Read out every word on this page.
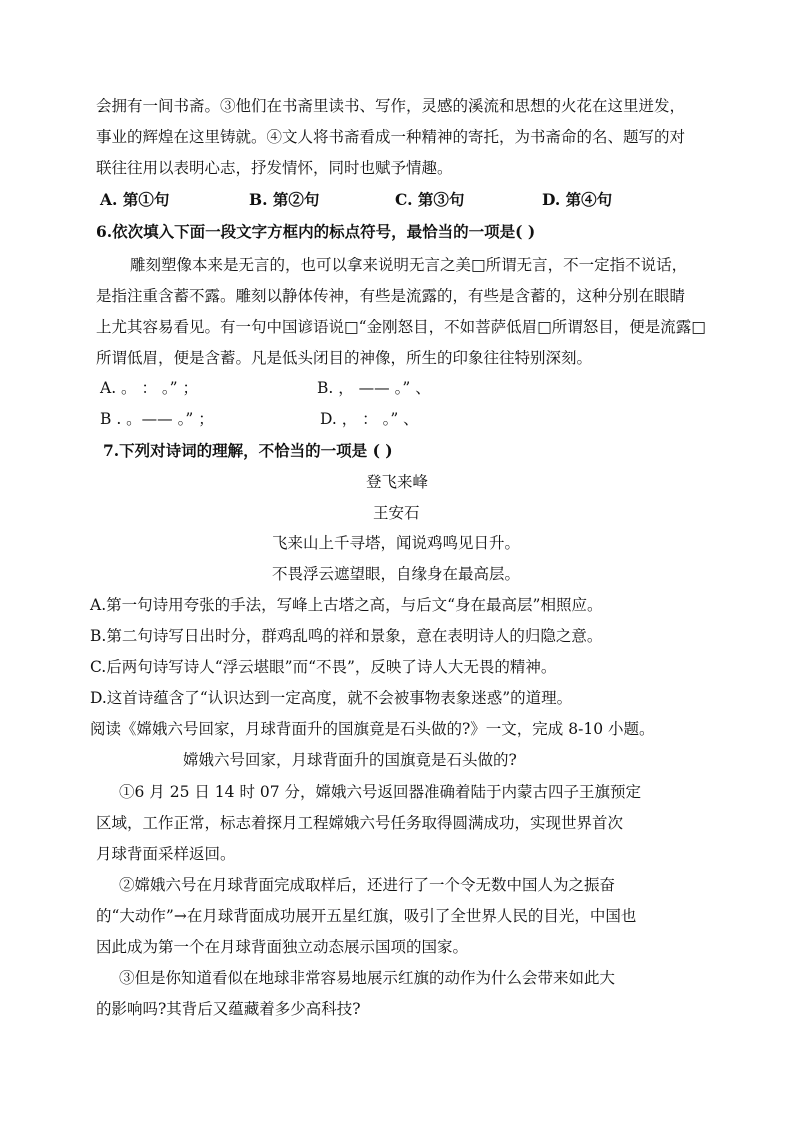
会拥有一间书斋。③他们在书斋里读书、写作，灵感的溪流和思想的火花在这里迸发，
事业的辉煌在这里铸就。④文人将书斋看成一种精神的寄托，为书斋命的名、题写的对
联往往用以表明心志，抒发情怀，同时也赋予情趣。
A. 第①句	B. 第②句	C. 第③句	D. 第④句
6.依次填入下面一段文字方框内的标点符号，最恰当的一项是( )
雕刻塑像本来是无言的，也可以拿来说明无言之美□所谓无言，不一定指不说话，
是指注重含蓄不露。雕刻以静体传神，有些是流露的，有些是含蓄的，这种分别在眼睛
上尤其容易看见。有一句中国谚语说□“金刚怒目，不如菩萨低眉□所谓怒目，便是流露□
所谓低眉，便是含蓄。凡是低头闭目的神像，所生的印象往往特别深刻。
A. 。 ： 。” ；	B. ， —— 。” 、
B . 。—— 。” ；	D. ， ： 。” 、
7.下列对诗词的理解，不恰当的一项是 ( )
登飞来峰
王安石
飞来山上千寻塔，闻说鸡鸣见日升。
不畏浮云遮望眼，自缘身在最高层。
A.第一句诗用夸张的手法，写峰上古塔之高，与后文“身在最高层”相照应。
B.第二句诗写日出时分，群鸡乱鸣的祥和景象，意在表明诗人的归隐之意。
C.后两句诗写诗人“浮云堪眼”而“不畏”，反映了诗人大无畏的精神。
D.这首诗蕴含了“认识达到一定高度，就不会被事物表象迷惑”的道理。
阅读《嫦娥六号回家，月球背面升的国旗竟是石头做的?》一文，完成 8-10 小题。
嫦娥六号回家，月球背面升的国旗竟是石头做的?
①6 月 25 日 14 时 07 分，嫦娥六号返回器准确着陆于内蒙古四子王旗预定
区域，工作正常，标志着探月工程嫦娥六号任务取得圆满成功，实现世界首次
月球背面采样返回。
②嫦娥六号在月球背面完成取样后，还进行了一个令无数中国人为之振奋
的“大动作”→在月球背面成功展开五星红旗，吸引了全世界人民的目光，中国也
因此成为第一个在月球背面独立动态展示国项的国家。
③但是你知道看似在地球非常容易地展示红旗的动作为什么会带来如此大
的影响吗?其背后又蕴藏着多少高科技?
